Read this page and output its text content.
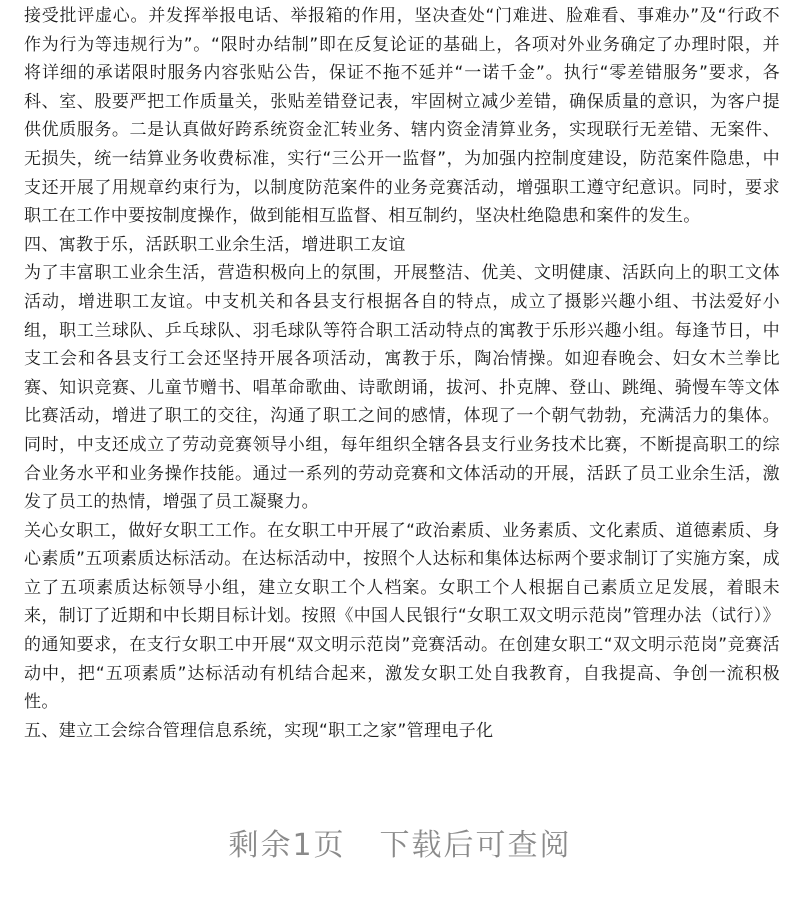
接受批评虚心。并发挥举报电话、举报箱的作用，坚决查处“门难进、脸难看、事难办”及“行政不作为行为等违规行为”。“限时办结制”即在反复论证的基础上，各项对外业务确定了办理时限，并将详细的承诺限时服务内容张贴公告，保证不拖不延并“一诺千金”。执行“零差错服务”要求，各科、室、股要严把工作质量关，张贴差错登记表，牢固树立减少差错，确保质量的意识，为客户提供优质服务。二是认真做好跨系统资金汇转业务、辖内资金清算业务，实现联行无差错、无案件、无损失，统一结算业务收费标准，实行“三公开一监督”，为加强内控制度建设，防范案件隐患，中支还开展了用规章约束行为，以制度防范案件的业务竞赛活动，增强职工遵守纪意识。同时，要求职工在工作中要按制度操作，做到能相互监督、相互制约，坚决杜绝隐患和案件的发生。

四、寓教于乐，活跃职工业余生活，增进职工友谊

为了丰富职工业余生活，营造积极向上的氛围，开展整洁、优美、文明健康、活跃向上的职工文体活动，增进职工友谊。中支机关和各县支行根据各自的特点，成立了摄影兴趣小组、书法爱好小组，职工兰球队、乒乓球队、羽毛球队等符合职工活动特点的寓教于乐形兴趣小组。每逢节日，中支工会和各县支行工会还坚持开展各项活动，寓教于乐，陶冶情操。如迎春晚会、妇女木兰拳比赛、知识竞赛、儿童节赠书、唱革命歌曲、诗歌朗诵，拔河、扑克牌、登山、跳绳、骑慢车等文体比赛活动，增进了职工的交往，沟通了职工之间的感情，体现了一个朝气勃勃，充满活力的集体。同时，中支还成立了劳动竞赛领导小组，每年组织全辖各县支行业务技术比赛，不断提高职工的综合业务水平和业务操作技能。通过一系列的劳动竞赛和文体活动的开展，活跃了员工业余生活，激发了员工的热情，增强了员工凝聚力。

关心女职工，做好女职工工作。在女职工中开展了“政治素质、业务素质、文化素质、道德素质、身心素质”五项素质达标活动。在达标活动中，按照个人达标和集体达标两个要求制订了实施方案，成立了五项素质达标领导小组，建立女职工个人档案。女职工个人根据自己素质立足发展，着眼未来，制订了近期和中长期目标计划。按照《中国人民银行“女职工双文明示范岗”管理办法（试行）》的通知要求，在支行女职工中开展“双文明示范岗”竞赛活动。在创建女职工“双文明示范岗”竞赛活动中，把“五项素质”达标活动有机结合起来，激发女职工处自我教育，自我提高、争创一流积极性。

五、建立工会综合管理信息系统，实现“职工之家”管理电子化

剩余1页 下载后可查阅
